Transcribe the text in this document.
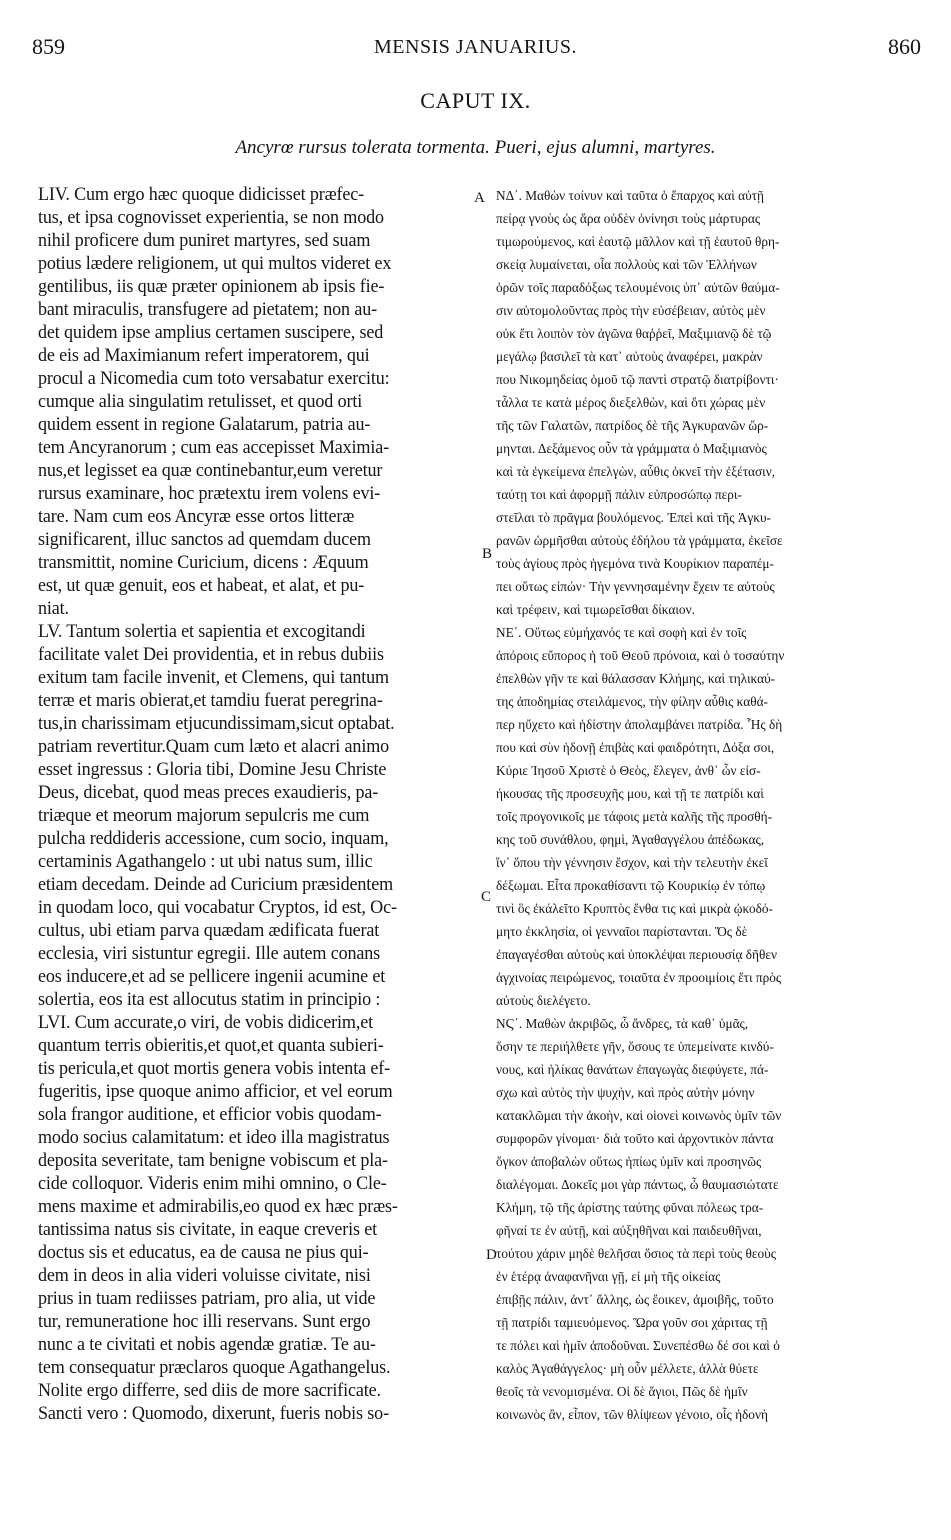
859	MENSIS JANUARIUS.	860
CAPUT IX.
Ancyrœ rursus tolerata tormenta. Pueri, ejus alumni, martyres.
LIV. Cum ergo hæc quoque didicisset præfec-
tus, et ipsa cognovisset experientia, se non modo
nihil proficere dum puniret martyres, sed suam
potius lædere religionem, ut qui multos videret ex
gentilibus, iis quæ præter opinionem ab ipsis fie-
bant miraculis, transfugere ad pietatem; non au-
det quidem ipse amplius certamen suscipere, sed
de eis ad Maximianum refert imperatorem, qui
procul a Nicomedia cum toto versabatur exercitu:
cumque alia singulatim retulisset, et quod orti
quidem essent in regione Galatarum, patria au-
tem Ancyranorum ; cum eas accepisset Maximia-
nus,et legisset ea quæ continebantur,eum veretur
rursus examinare, hoc prætextu irem volens evi-
tare. Nam cum eos Ancyræ esse ortos litteræ
significarent, illuc sanctos ad quemdam ducem
transmittit, nomine Curicium, dicens : Æquum
est, ut quæ genuit, eos et habeat, et alat, et pu-
niat.
LV. Tantum solertia et sapientia et excogitandi
facilitate valet Dei providentia, et in rebus dubiis
exitum tam facile invenit, et Clemens, qui tantum
terræ et maris obierat,et tamdiu fuerat peregrina-
tus,in charissimam etjucundissimam,sicut optabat.
patriam revertitur.Quam cum læto et alacri animo
esset ingressus : Gloria tibi, Domine Jesu Christe
Deus, dicebat, quod meas preces exaudieris, pa-
triæque et meorum majorum sepulcris me cum
pulcha reddideris accessione, cum socio, inquam,
certaminis Agathangelo : ut ubi natus sum, illic
etiam decedam. Deinde ad Curicium præsidentem
in quodam loco, qui vocabatur Cryptos, id est, Oc-
cultus, ubi etiam parva quædam ædificata fuerat
ecclesia, viri sistuntur egregii. Ille autem conans
eos inducere,et ad se pellicere ingenii acumine et
solertia, eos ita est allocutus statim in principio :
LVI. Cum accurate,o viri, de vobis didicerim,et
quantum terris obieritis,et quot,et quanta subieri-
tis pericula,et quot mortis genera vobis intenta ef-
fugeritis, ipse quoque animo afficior, et vel eorum
sola frangor auditione, et efficior vobis quodam-
modo socius calamitatum: et ideo illa magistratus
deposita severitate, tam benigne vobiscum et pla-
cide colloquor. Videris enim mihi omnino, o Cle-
mens maxime et admirabilis,eo quod ex hæc præs-
tantissima natus sis civitate, in eaque creveris et
doctus sis et educatus, ea de causa ne pius qui-
dem in deos in alia videri voluisse civitate, nisi
prius in tuam rediisses patriam, pro alia, ut vide
tur, remuneratione hoc illi reservans. Sunt ergo
nunc a te civitati et nobis agendæ gratiæ. Te au-
tem consequatur præclaros quoque Agathangelus.
Nolite ergo differre, sed diis de more sacrificate.
Sancti vero : Quomodo, dixerunt, fueris nobis so-
ΝΔ΄. Μαθὼν τοίνυν καὶ ταῦτα ὁ ἔπαρχος καὶ αὐτῇ
πείρᾳ γνοὺς ὡς ἄρα οὐδὲν ὀνίνησι τοὺς μάρτυρας
τιμωρούμενος, καὶ ἑαυτῷ μᾶλλον καὶ τῇ ἑαυτοῦ θρη-
σκείᾳ λυμαίνεται, οἷα πολλοὺς καὶ τῶν Ἑλλήνων
ὁρῶν τοῖς παραδόξως τελουμένοις ὑπ᾽ αὐτῶν θαύμα-
σιν αὐτομολοῦντας πρὸς τὴν εὐσέβειαν, αὐτὸς μὲν
οὐκ ἔτι λοιπὸν τὸν ἀγῶνα θαῤῥεῖ, Μαξιμιανῷ δὲ τῷ
μεγάλῳ βασιλεῖ τὰ κατ᾽ αὐτοὺς ἀναφέρει, μακρὰν
που Νικομηδείας ὁμοῦ τῷ παντὶ στρατῷ διατρίβοντι·
τἆλλα τε κατὰ μέρος διεξελθὼν, καὶ ὅτι χώρας μὲν
τῆς τῶν Γαλατῶν, πατρίδος δὲ τῆς Ἀγκυρανῶν ὥρ-
μηνται. Δεξάμενος οὖν τὰ γράμματα ὁ Μαξιμιανὸς
καὶ τὰ ἐγκείμενα ἐπελγὼν, αὖθις ὀκνεῖ τὴν ἐξέτασιν,
ταύτῃ τοι καὶ ἀφορμῇ πάλιν εὐπροσώπῳ περι-
στεῖλαι τὸ πρᾶγμα βουλόμενος. Ἐπεὶ καὶ τῆς Ἀγκυ-
ρανῶν ὡρμῆσθαι αὐτοὺς ἐδήλου τὰ γράμματα, ἐκεῖσε
τοὺς ἁγίους πρὸς ἡγεμόνα τινὰ Κουρίκιον παραπέμ-
πει οὕτως εἰπών· Τὴν γεννησαμένην ἔχειν τε αὐτοὺς
καὶ τρέφειν, καὶ τιμωρεῖσθαι δίκαιον.
ΝΕ΄. Οὕτως εὐμήχανός τε καὶ σοφὴ καὶ ἐν τοῖς
ἀπόροις εὔπορος ἡ τοῦ Θεοῦ πρόνοια, καὶ ὁ τοσαύτην
ἐπελθὼν γῆν τε καὶ θάλασσαν Κλήμης, καὶ τηλικαύ-
της ἀποδημίας στειλάμενος, τὴν φίλην αὖθις καθά-
περ ηὔχετο καὶ ἡδίστην ἀπολαμβάνει πατρίδα. Ἧς δὴ
που καὶ σὺν ἡδονῇ ἐπιβὰς καὶ φαιδρότητι, Δόξα σοι,
Κύριε Ἰησοῦ Χριστὲ ὁ Θεὸς, ἔλεγεν, ἀνθ᾽ ὧν εἰσ-
ήκουσας τῆς προσευχῆς μου, καὶ τῇ τε πατρίδι καὶ
τοῖς προγονικοῖς με τάφοις μετὰ καλῆς τῆς προσθή-
κης τοῦ συνάθλου, φημὶ, Ἀγαθαγγέλου ἀπέδωκας,
ἵν᾽ ὅπου τὴν γέννησιν ἔσχον, καὶ τὴν τελευτὴν ἐκεῖ
δέξωμαι. Εἶτα προκαθίσαντι τῷ Κουρικίῳ ἐν τόπῳ
τινὶ ὃς ἐκάλεῖτο Κρυπτὸς ἔνθα τις καὶ μικρὰ ᾠκοδό-
μητο ἐκκλησία, οἱ γενναῖοι παρίστανται. Ὅς δὲ
ἐπαγαγέσθαι αὐτοὺς καὶ ὑποκλέψαι περιουσίᾳ δῆθεν
ἀγχινοίας πειρώμενος, τοιαῦτα ἐν προοιμίοις ἔτι πρὸς
αὐτοὺς διελέγετο.
ΝϚ΄. Μαθὼν ἀκριβῶς, ὦ ἄνδρες, τὰ καθ᾽ ὑμᾶς,
ὅσην τε περιήλθετε γῆν, ὅσους τε ὑπεμείνατε κινδύ-
νους, καὶ ἡλίκας θανάτων ἐπαγωγὰς διεφύγετε, πά-
σχω καὶ αὐτὸς τὴν ψυχὴν, καὶ πρὸς αὐτὴν μόνην
κατακλῶμαι τὴν ἀκοὴν, καὶ οἱονεὶ κοινωνὸς ὑμῖν τῶν
συμφορῶν γίνομαι· διὰ τοῦτο καὶ ἀρχοντικὸν πάντα
ὄγκον ἀποβαλὼν οὕτως ἠπίως ὑμῖν καὶ προσηνῶς
διαλέγομαι. Δοκεῖς μοι γὰρ πάντως, ὦ θαυμασιώτατε
Κλήμη, τῷ τῆς ἀρίστης ταύτης φῦναι πόλεως τρα-
φῆναί τε ἐν αὐτῇ, καὶ αὐξηθῆναι καὶ παιδευθῆναι,
τούτου χάριν μηδὲ θελῆσαι ὅσιος τὰ περὶ τοὺς θεοὺς
ἐν ἑτέρᾳ ἀναφανῆναι γῇ, εἰ μὴ τῆς οἰκείας
ἐπιβῇς πάλιν, ἀντ᾽ ἄλλης, ὡς ἔοικεν, ἀμοιβῆς, τοῦτο
τῇ πατρίδι ταμιευόμενος. Ὥρα γοῦν σοι χάριτας τῇ
τε πόλει καὶ ἡμῖν ἀποδοῦναι. Συνεπέσθω δέ σοι καὶ ὁ
καλὸς Ἀγαθάγγελος· μὴ οὖν μέλλετε, ἀλλὰ θύετε
θεοῖς τὰ νενομισμένα. Οἱ δὲ ἅγιοι, Πῶς δὲ ἡμῖν
κοινωνὸς ἂν, εἶπον, τῶν θλίψεων γένοιο, οἷς ἡδονὴ
A
B
C
D
